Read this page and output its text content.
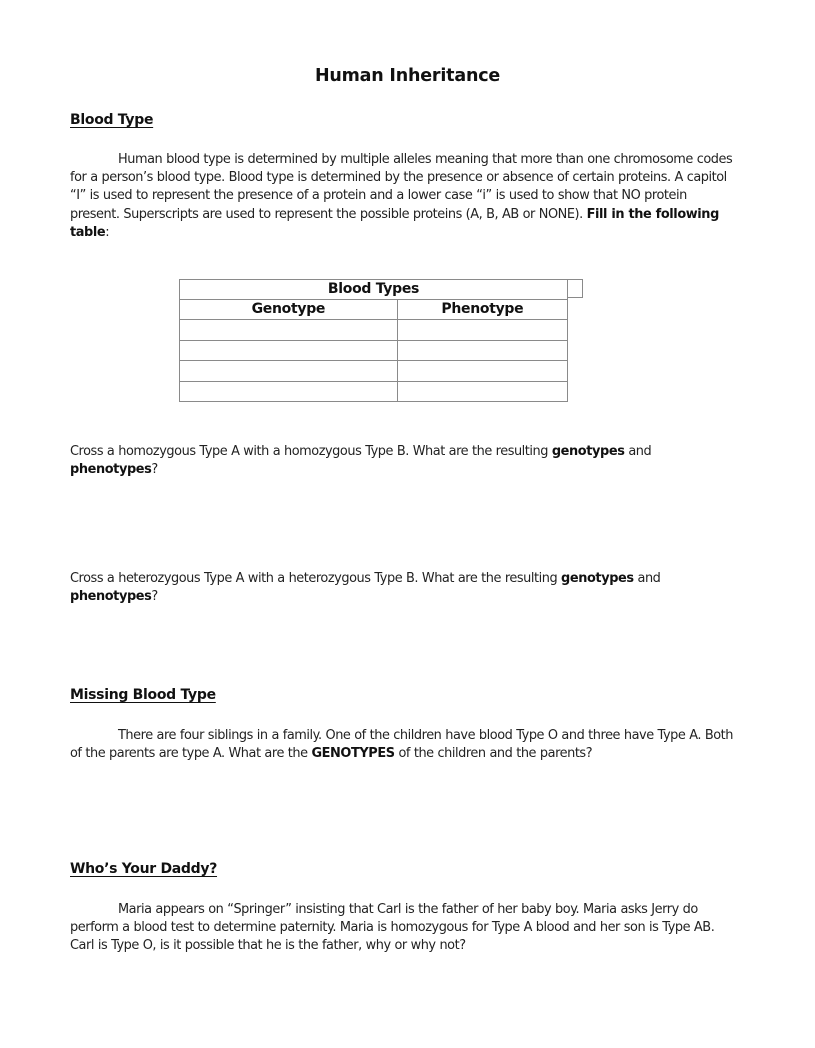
Human Inheritance
Blood Type

Human blood type is determined by multiple alleles meaning that more than one chromosome codes for a person’s blood type. Blood type is determined by the presence or absence of certain proteins. A capitol “I” is used to represent the presence of a protein and a lower case “i” is used to show that NO protein present. Superscripts are used to represent the possible proteins (A, B, AB or NONE). Fill in the following table:

Blood Types	
Genotype	Phenotype

Cross a homozygous Type A with a homozygous Type B. What are the resulting genotypes and phenotypes?

Cross a heterozygous Type A with a heterozygous Type B. What are the resulting genotypes and phenotypes?

Missing Blood Type

There are four siblings in a family. One of the children have blood Type O and three have Type A. Both of the parents are type A. What are the GENOTYPES of the children and the parents?

Who’s Your Daddy?

Maria appears on “Springer” insisting that Carl is the father of her baby boy. Maria asks Jerry do perform a blood test to determine paternity. Maria is homozygous for Type A blood and her son is Type AB. Carl is Type O, is it possible that he is the father, why or why not?
